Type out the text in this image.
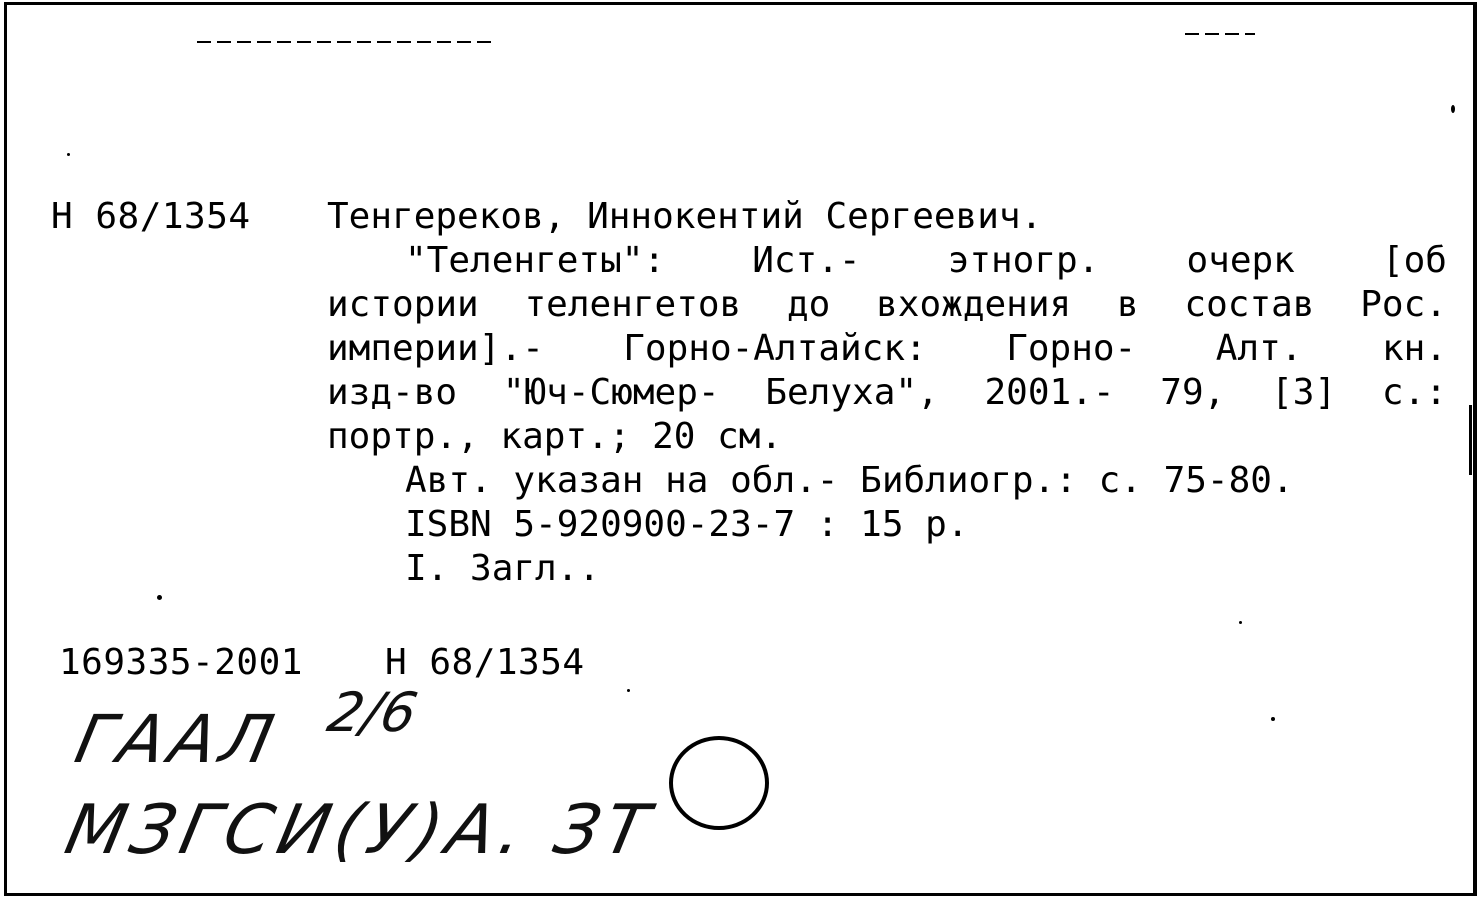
Н 68/1354 Тенгереков, Иннокентий Сергеевич.
"Теленгеты": Ист.- этногр. очерк [об
истории теленгетов до вхождения в состав Рос.
империи].- Горно-Алтайск: Горно- Алт. кн.
изд-во "Юч-Сюмер- Белуха", 2001.- 79, [3] с.:
портр., карт.; 20 см.
Авт. указан на обл.- Библиогр.: с. 75-80.
ISBN 5-920900-23-7 : 15 р.
I. Загл..
169335-2001 Н 68/1354
ГААЛ 2/6
МЗГСИ(У)А. ЗТ
